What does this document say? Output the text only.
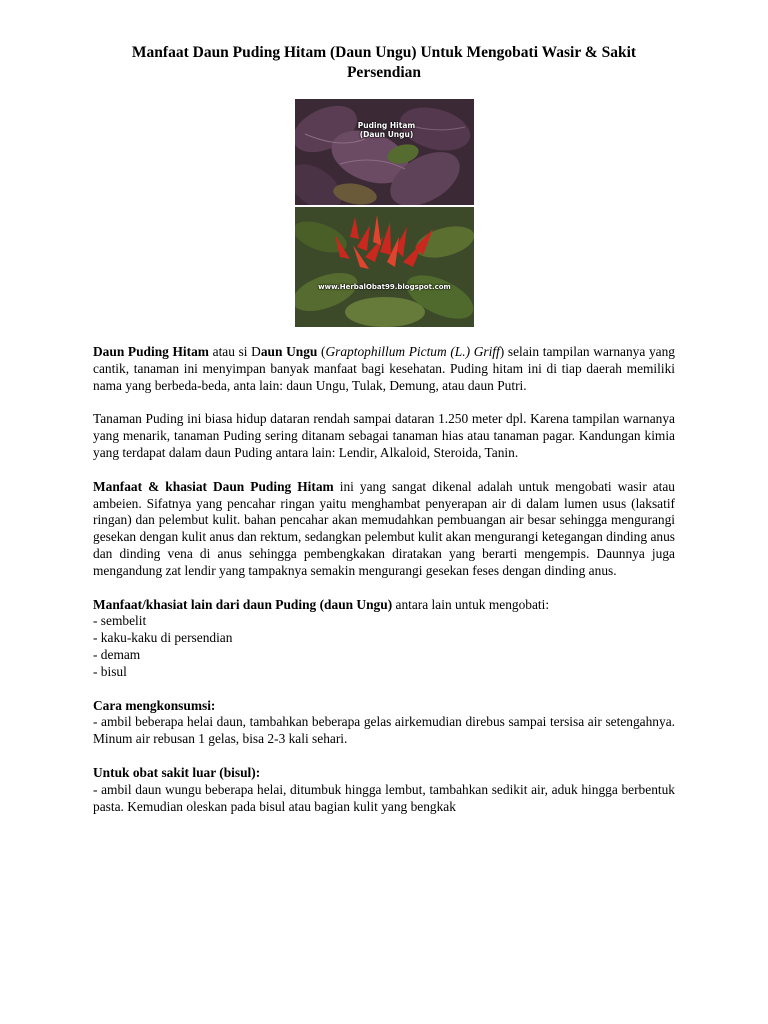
Manfaat Daun Puding Hitam (Daun Ungu) Untuk Mengobati Wasir & Sakit Persendian
Puding Hitam
(Daun Ungu)
www.HerbalObat99.blogspot.com

Daun Puding Hitam atau si Daun Ungu (Graptophillum Pictum (L.) Griff) selain tampilan warnanya yang cantik, tanaman ini menyimpan banyak manfaat bagi kesehatan. Puding hitam ini di tiap daerah memiliki nama yang berbeda-beda, anta lain: daun Ungu, Tulak, Demung, atau daun Putri.

Tanaman Puding ini biasa hidup dataran rendah sampai dataran 1.250 meter dpl. Karena tampilan warnanya yang menarik, tanaman Puding sering ditanam sebagai tanaman hias atau tanaman pagar. Kandungan kimia yang terdapat dalam daun Puding antara lain: Lendir, Alkaloid, Steroida, Tanin.

Manfaat & khasiat Daun Puding Hitam ini yang sangat dikenal adalah untuk mengobati wasir atau ambeien. Sifatnya yang pencahar ringan yaitu menghambat penyerapan air di dalam lumen usus (laksatif ringan) dan pelembut kulit. bahan pencahar akan memudahkan pembuangan air besar sehingga mengurangi gesekan dengan kulit anus dan rektum, sedangkan pelembut kulit akan mengurangi ketegangan dinding anus dan dinding vena di anus sehingga pembengkakan diratakan yang berarti mengempis. Daunnya juga mengandung zat lendir yang tampaknya semakin mengurangi gesekan feses dengan dinding anus.

Manfaat/khasiat lain dari daun Puding (daun Ungu) antara lain untuk mengobati:

- sembelit

- kaku-kaku di persendian

- demam

- bisul

Cara mengkonsumsi:

- ambil beberapa helai daun, tambahkan beberapa gelas airkemudian direbus sampai tersisa air setengahnya. Minum air rebusan 1 gelas, bisa 2-3 kali sehari.

Untuk obat sakit luar (bisul):

- ambil daun wungu beberapa helai, ditumbuk hingga lembut, tambahkan sedikit air, aduk hingga berbentuk pasta. Kemudian oleskan pada bisul atau bagian kulit yang bengkak
